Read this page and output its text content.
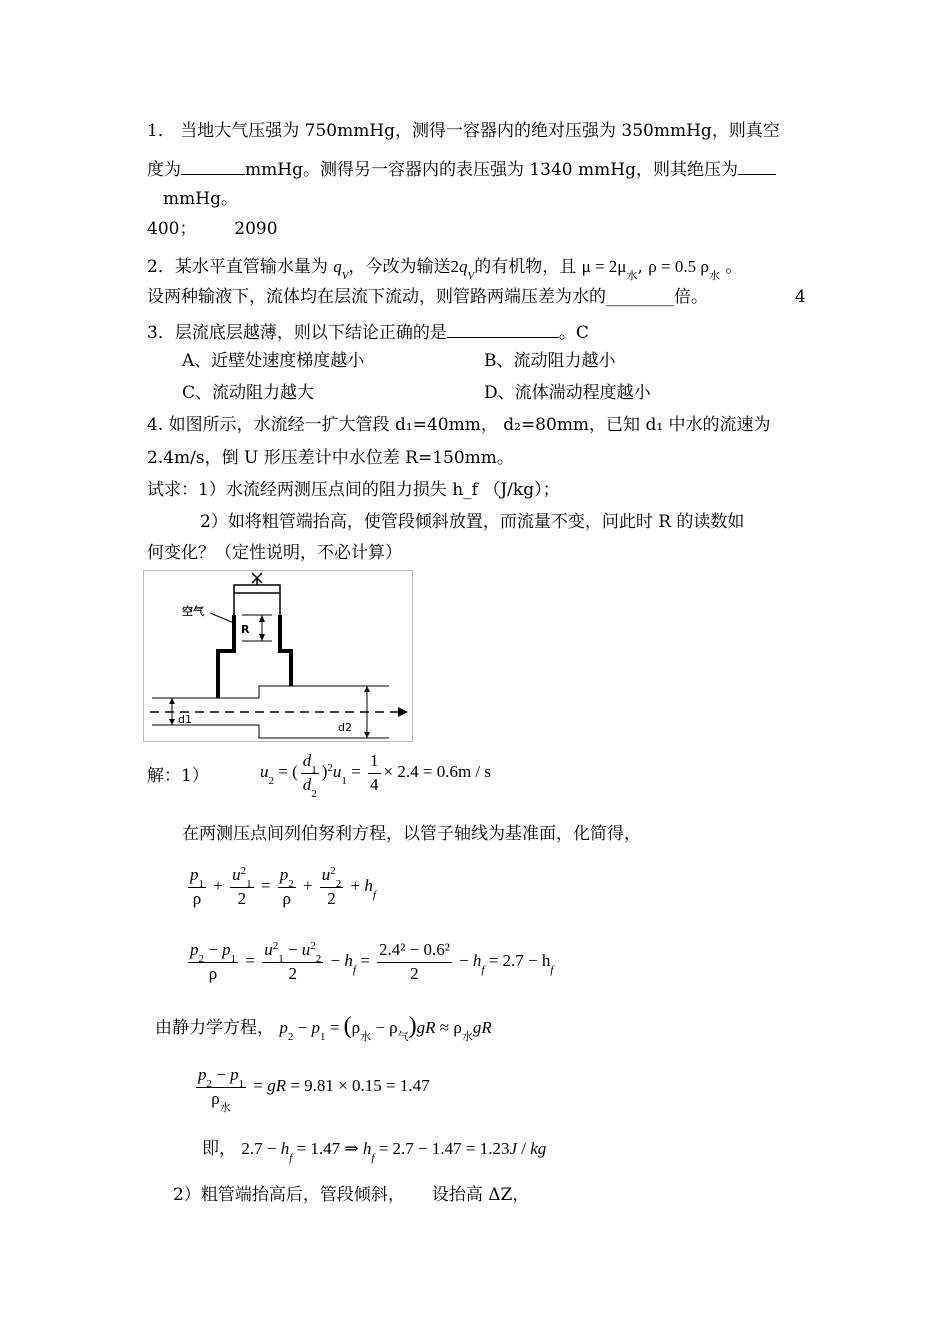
1． 当地大气压强为 750mmHg，测得一容器内的绝对压强为 350mmHg，则真空
度为	mmHg。测得另一容器内的表压强为 1340 mmHg，则其绝压为
mmHg。
400；       2090
2．某水平直管输水量为 $q_V$，今改为输送$2q_V$的有机物，且 $\mu = 2\mu_水$, ρ = 0.5 $\rho_水$ 。
设两种输液下，流体均在层流下流动，则管路两端压差为水的________倍。	4
3．层流底层越薄，则以下结论正确的是	。C
A、近壁处速度梯度越小	B、流动阻力越小
C、流动阻力越大	D、流体湍动程度越小
4. 如图所示，水流经一扩大管段 d₁=40mm， d₂=80mm，已知 d₁ 中水的流速为
2.4m/s，倒 U 形压差计中水位差 R=150mm。
试求：1）水流经两测压点间的阻力损失 h_f （J/kg）；
2）如将粗管端抬高，使管段倾斜放置，而流量不变，问此时 R 的读数如
何变化？（定性说明，不必计算）
空气
R
d1
d2
解：1）	$u_2$ = ( $\frac{d_1}{d_2} )^2u_1 = \frac{1}{4} \times 2.4 = 0.6m / s$
在两测压点间列伯努利方程，以管子轴线为基准面，化简得，
$\frac{p_1}{\rho} + \frac{u^2_1}{2} = \frac{p_2}{\rho} + \frac{u^2_2}{2} + h_f$
$\frac{p_2 - p_1}{\rho} = \frac{u^2_1 - u^2_2}{2} - h_f = \frac{\text{2.4² − 0.6²}}{2} - h_f = 2.7 - h_f$
由静力学方程， $p_2 - p_1 = (\rho_水 - \rho_气)gR \approx \rho_水gR$
$\frac{p_2 - p_1}{\rho_水}$ = gR = 9.81 × 0.15 = 1.47
即， $2.7 - h_f = 1.47$ ⇒ $h_f = 2.7 - 1.47 = 1.23J$ / kg
2）粗管端抬高后，管段倾斜，     设抬高 ΔZ，
